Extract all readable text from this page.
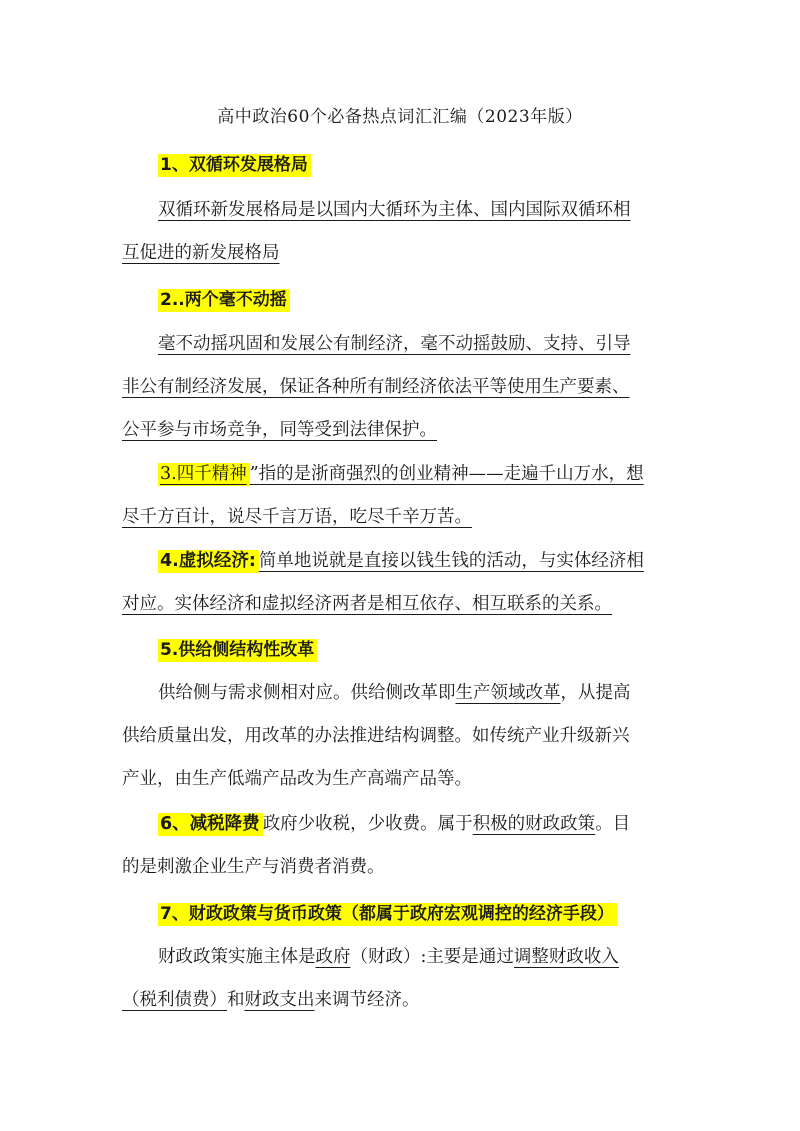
高中政治60个必备热点词汇汇编（2023年版）
1、双循环发展格局
双循环新发展格局是以国内大循环为主体、国内国际双循环相
互促进的新发展格局
2..两个毫不动摇
毫不动摇巩固和发展公有制经济，毫不动摇鼓励、支持、引导
非公有制经济发展，保证各种所有制经济依法平等使用生产要素、
公平参与市场竞争，同等受到法律保护。
3.四千精神 ”指的是浙商强烈的创业精神——走遍千山万水，想
尽千方百计，说尽千言万语，吃尽千辛万苦。
4.虚拟经济: 简单地说就是直接以钱生钱的活动，与实体经济相
对应。实体经济和虚拟经济两者是相互依存、相互联系的关系。
5.供给侧结构性改革
供给侧与需求侧相对应。供给侧改革即生产领域改革，从提高
供给质量出发，用改革的办法推进结构调整。如传统产业升级新兴
产业，由生产低端产品改为生产高端产品等。
6、减税降费 政府少收税，少收费。属于积极的财政政策。目
的是刺激企业生产与消费者消费。
7、财政政策与货币政策（都属于政府宏观调控的经济手段）
财政政策实施主体是政府（财政）:主要是通过调整财政收入
（税利债费）和财政支出来调节经济。
